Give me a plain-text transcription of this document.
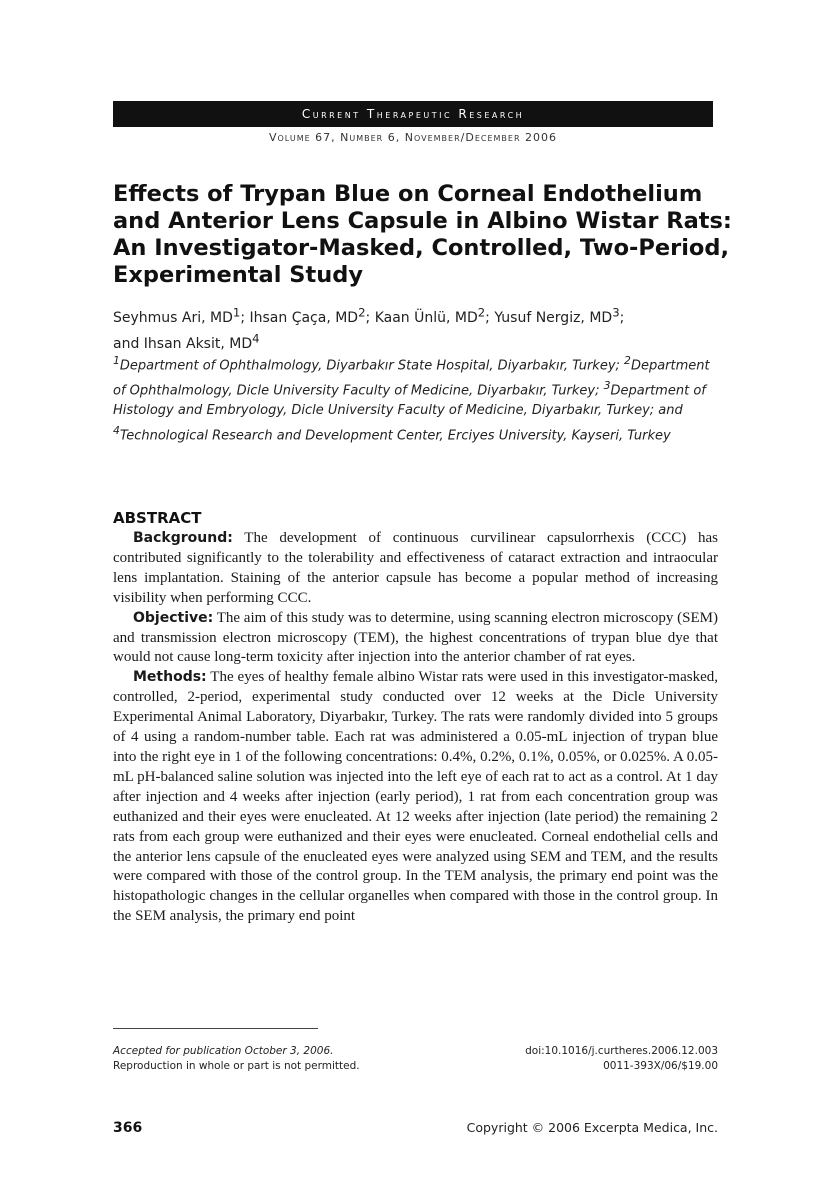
Current Therapeutic Research
Volume 67, Number 6, November/December 2006
Effects of Trypan Blue on Corneal Endothelium and Anterior Lens Capsule in Albino Wistar Rats: An Investigator-Masked, Controlled, Two-Period, Experimental Study
Seyhmus Ari, $MD^1$; Ihsan Çaça, $MD^2$; Kaan Ünlü, $MD^2$; Yusuf Nergiz, $MD^3$;
and Ihsan Aksit, $MD^4$
$^1$Department of Ophthalmology, Diyarbakır State Hospital, Diyarbakır, Turkey; $^2$Department of Ophthalmology, Dicle University Faculty of Medicine, Diyarbakır, Turkey; $^3$Department of Histology and Embryology, Dicle University Faculty of Medicine, Diyarbakır, Turkey; and $^4$Technological Research and Development Center, Erciyes University, Kayseri, Turkey
ABSTRACT

Background: The development of continuous curvilinear capsulorrhexis (CCC) has contributed significantly to the tolerability and effectiveness of cataract extraction and intraocular lens implantation. Staining of the anterior capsule has become a popular method of increasing visibility when performing CCC.

Objective: The aim of this study was to determine, using scanning electron microscopy (SEM) and transmission electron microscopy (TEM), the highest concentrations of trypan blue dye that would not cause long-term toxicity after injection into the anterior chamber of rat eyes.

Methods: The eyes of healthy female albino Wistar rats were used in this investigator-masked, controlled, 2-period, experimental study conducted over 12 weeks at the Dicle University Experimental Animal Laboratory, Diyarbakır, Turkey. The rats were randomly divided into 5 groups of 4 using a random-number table. Each rat was administered a 0.05-mL injection of trypan blue into the right eye in 1 of the following concentrations: 0.4%, 0.2%, 0.1%, 0.05%, or 0.025%. A 0.05-mL pH-balanced saline solution was injected into the left eye of each rat to act as a control. At 1 day after injection and 4 weeks after injection (early period), 1 rat from each concentration group was euthanized and their eyes were enucleated. At 12 weeks after injection (late period) the remaining 2 rats from each group were euthanized and their eyes were enucleated. Corneal endothelial cells and the anterior lens capsule of the enucleated eyes were analyzed using SEM and TEM, and the results were compared with those of the control group. In the TEM analysis, the primary end point was the histopathologic changes in the cellular organelles when compared with those in the control group. In the SEM analysis, the primary end point

Accepted for publication October 3, 2006.
Reproduction in whole or part is not permitted.
doi:10.1016/j.curtheres.2006.12.003
0011-393X/06/$19.00
366	Copyright © 2006 Excerpta Medica, Inc.
